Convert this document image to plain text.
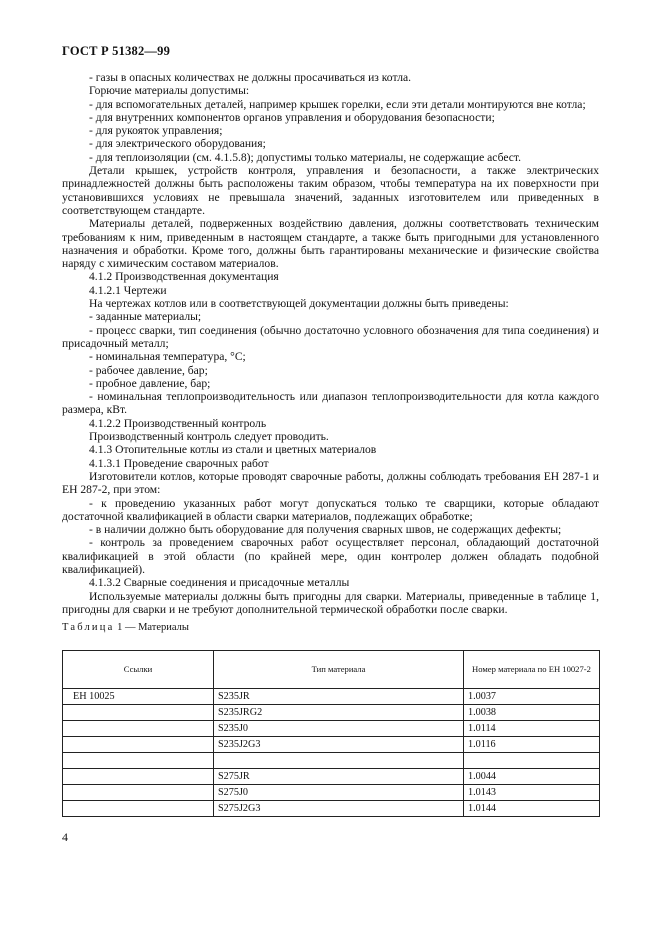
ГОСТ Р 51382—99

- газы в опасных количествах не должны просачиваться из котла.

Горючие материалы допустимы:

- для вспомогательных деталей, например крышек горелки, если эти детали монтируются вне котла;

- для внутренних компонентов органов управления и оборудования безопасности;

- для рукояток управления;

- для электрического оборудования;

- для теплоизоляции (см. 4.1.5.8); допустимы только материалы, не содержащие асбест.

Детали крышек, устройств контроля, управления и безопасности, а также электрических принадлежностей должны быть расположены таким образом, чтобы температура на их поверхности при установившихся условиях не превышала значений, заданных изготовителем или приведенных в соответствующем стандарте.

Материалы деталей, подверженных воздействию давления, должны соответствовать техническим требованиям к ним, приведенным в настоящем стандарте, а также быть пригодными для установленного назначения и обработки. Кроме того, должны быть гарантированы механические и физические свойства наряду с химическим составом материалов.

4.1.2 Производственная документация

4.1.2.1 Чертежи

На чертежах котлов или в соответствующей документации должны быть приведены:

- заданные материалы;

- процесс сварки, тип соединения (обычно достаточно условного обозначения для типа соединения) и присадочный металл;

- номинальная температура, °С;

- рабочее давление, бар;

- пробное давление, бар;

- номинальная теплопроизводительность или диапазон теплопроизводительности для котла каждого размера, кВт.

4.1.2.2 Производственный контроль

Производственный контроль следует проводить.

4.1.3 Отопительные котлы из стали и цветных материалов

4.1.3.1 Проведение сварочных работ

Изготовители котлов, которые проводят сварочные работы, должны соблюдать требования ЕН 287-1 и ЕН 287-2, при этом:

- к проведению указанных работ могут допускаться только те сварщики, которые обладают достаточной квалификацией в области сварки материалов, подлежащих обработке;

- в наличии должно быть оборудование для получения сварных швов, не содержащих дефекты;

- контроль за проведением сварочных работ осуществляет персонал, обладающий достаточной квалификацией в этой области (по крайней мере, один контролер должен обладать подобной квалификацией).

4.1.3.2 Сварные соединения и присадочные металлы

Используемые материалы должны быть пригодны для сварки. Материалы, приведенные в таблице 1, пригодны для сварки и не требуют дополнительной термической обработки после сварки.

Таблица 1 — Материалы
Ссылки	Тип материала	Номер материала по ЕН 10027-2
ЕН 10025	S235JR	1.0037
	S235JRG2	1.0038
	S235J0	1.0114
	S235J2G3	1.0116

	S275JR	1.0044
	S275J0	1.0143
	S275J2G3	1.0144
4
